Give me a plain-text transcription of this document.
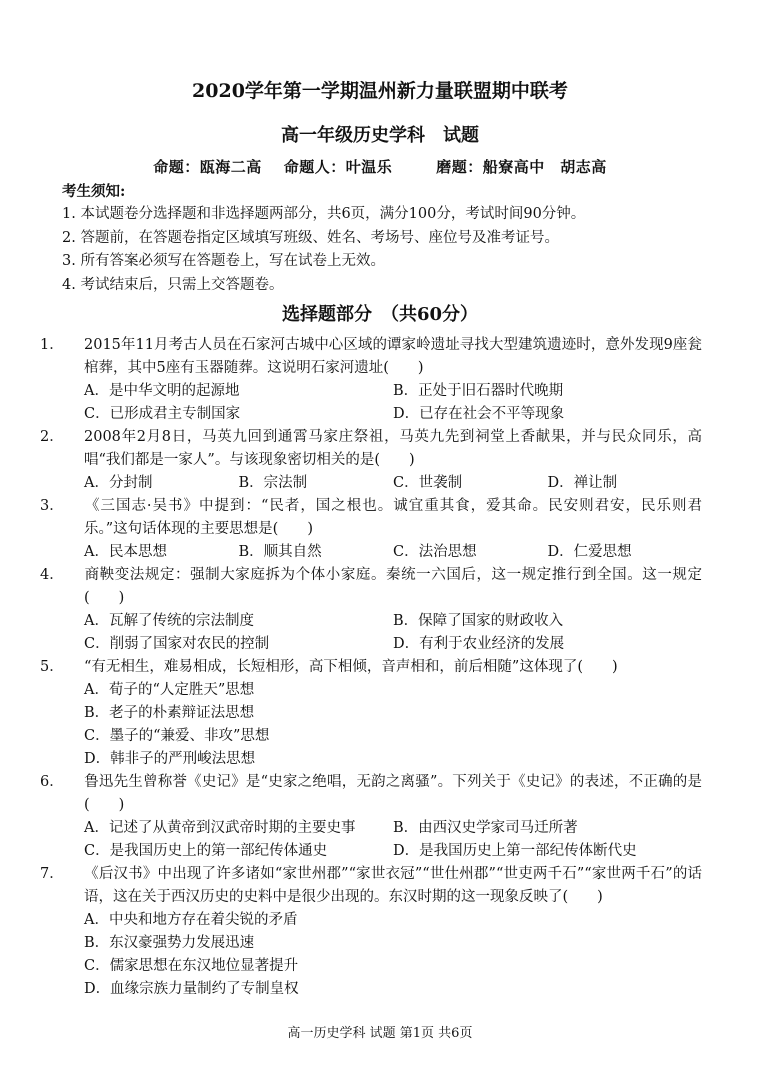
2020学年第一学期温州新力量联盟期中联考
高一年级历史学科　试题
命题：瓯海二高 命题人：叶温乐	磨题：船寮高中　胡志高
考生须知:
1. 本试题卷分选择题和非选择题两部分，共6页，满分100分，考试时间90分钟。
2. 答题前，在答题卷指定区域填写班级、姓名、考场号、座位号及准考证号。
3. 所有答案必须写在答题卷上，写在试卷上无效。
4. 考试结束后，只需上交答题卷。
选择题部分　（共60分）
1． 2015年11月考古人员在石家河古城中心区域的谭家岭遗址寻找大型建筑遗迹时，意外发现9座瓮棺葬，其中5座有玉器随葬。这说明石家河遗址(　　)
A．是中华文明的起源地	B．正处于旧石器时代晚期
C．已形成君主专制国家	D．已存在社会不平等现象
2． 2008年2月8日，马英九回到通霄马家庄祭祖，马英九先到祠堂上香献果，并与民众同乐，高唱“我们都是一家人”。与该现象密切相关的是(　　)
A．分封制	B．宗法制	C．世袭制	D．禅让制
3． 《三国志·吴书》中提到：“民者，国之根也。诚宜重其食，爱其命。民安则君安，民乐则君乐。”这句话体现的主要思想是(　　)
A．民本思想	B．顺其自然	C．法治思想	D．仁爱思想
4． 商鞅变法规定：强制大家庭拆为个体小家庭。秦统一六国后，这一规定推行到全国。这一规定(　　)
A．瓦解了传统的宗法制度	B．保障了国家的财政收入
C．削弱了国家对农民的控制	D．有利于农业经济的发展
5． “有无相生，难易相成，长短相形，高下相倾，音声相和，前后相随”这体现了(　　)
A．荀子的“人定胜天”思想
B．老子的朴素辩证法思想
C．墨子的“兼爱、非攻”思想
D．韩非子的严刑峻法思想
6． 鲁迅先生曾称誉《史记》是“史家之绝唱，无韵之离骚”。下列关于《史记》的表述，不正确的是(　　)
A．记述了从黄帝到汉武帝时期的主要史事	B．由西汉史学家司马迁所著
C．是我国历史上的第一部纪传体通史	D．是我国历史上第一部纪传体断代史
7． 《后汉书》中出现了许多诸如“家世州郡”“家世衣冠”“世仕州郡”“世吏两千石”“家世两千石”的话语，这在关于西汉历史的史料中是很少出现的。东汉时期的这一现象反映了(　　)
A．中央和地方存在着尖锐的矛盾
B．东汉豪强势力发展迅速
C．儒家思想在东汉地位显著提升
D．血缘宗族力量制约了专制皇权
高一历史学科 试题 第1页 共6页
